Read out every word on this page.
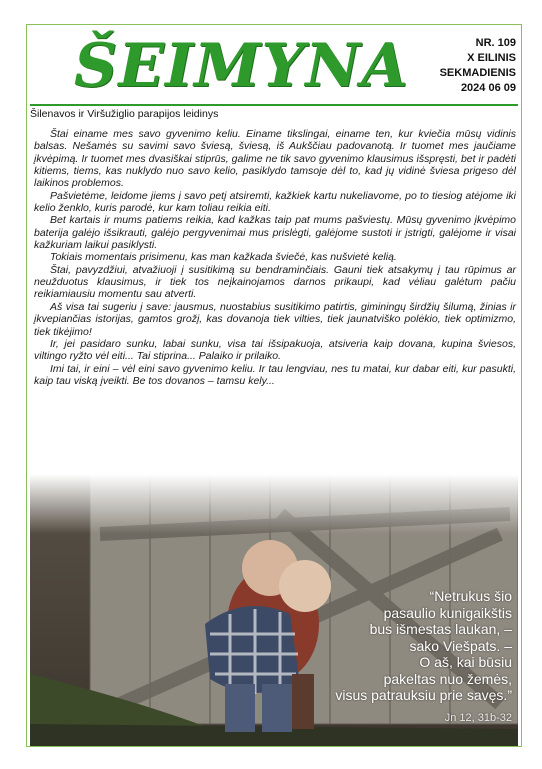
ŠEIMYNA	NR. 109
X EILINIS
SEKMADIENIS
2024 06 09
Šilenavos ir Viršužiglio parapijos leidinys

Štai einame mes savo gyvenimo keliu. Einame tikslingai, einame ten, kur kviečia mūsų vidinis balsas. Nešamės su savimi savo šviesą, šviesą, iš Aukščiau padovanotą. Ir tuomet mes jaučiame įkvėpimą. Ir tuomet mes dvasiškai stiprūs, galime ne tik savo gyvenimo klausimus išspręsti, bet ir padėti kitiems, tiems, kas nuklydo nuo savo kelio, pasiklydo tamsoje dėl to, kad jų vidinė šviesa prigeso dėl laikinos problemos.

Pašvietėme, leidome jiems į savo petį atsiremti, kažkiek kartu nukeliavome, po to tiesiog atėjome iki kelio ženklo, kuris parodė, kur kam toliau reikia eiti.

Bet kartais ir mums patiems reikia, kad kažkas taip pat mums pašviestų. Mūsų gyvenimo įkvėpimo baterija galėjo išsikrauti, galėjo pergyvenimai mus prislėgti, galėjome sustoti ir įstrigti, galėjome ir visai kažkuriam laikui pasiklysti.

Tokiais momentais prisimenu, kas man kažkada šviečė, kas nušvietė kelią.

Štai, pavyzdžiui, atvažiuoji į susitikimą su bendraminčiais. Gauni tiek atsakymų į tau rūpimus ar neužduotus klausimus, ir tiek tos neįkainojamos darnos prikaupi, kad vėliau galėtum pačiu reikiamiausiu momentu sau atverti.

Aš visa tai sugeriu į save: jausmus, nuostabius susitikimo patirtis, giminingų širdžių šilumą, žinias ir įkvepiančias istorijas, gamtos grožį, kas dovanoja tiek vilties, tiek jaunatviško polėkio, tiek optimizmo, tiek tikėjimo!

Ir, jei pasidaro sunku, labai sunku, visa tai išsipakuoja, atsiveria kaip dovana, kupina šviesos, viltingo ryžto vėl eiti... Tai stiprina... Palaiko ir prilaiko.

Imi tai, ir eini – vėl eini savo gyvenimo keliu. Ir tau lengviau, nes tu matai, kur dabar eiti, kur pasukti, kaip tau viską įveikti. Be tos dovanos – tamsu kely...

“Netrukus šio
pasaulio kunigaikštis
bus išmestas laukan, –
sako Viešpats. –
O aš, kai būsiu
pakeltas nuo žemės,
visus patrauksiu prie savęs.”
Jn 12, 31b-32
